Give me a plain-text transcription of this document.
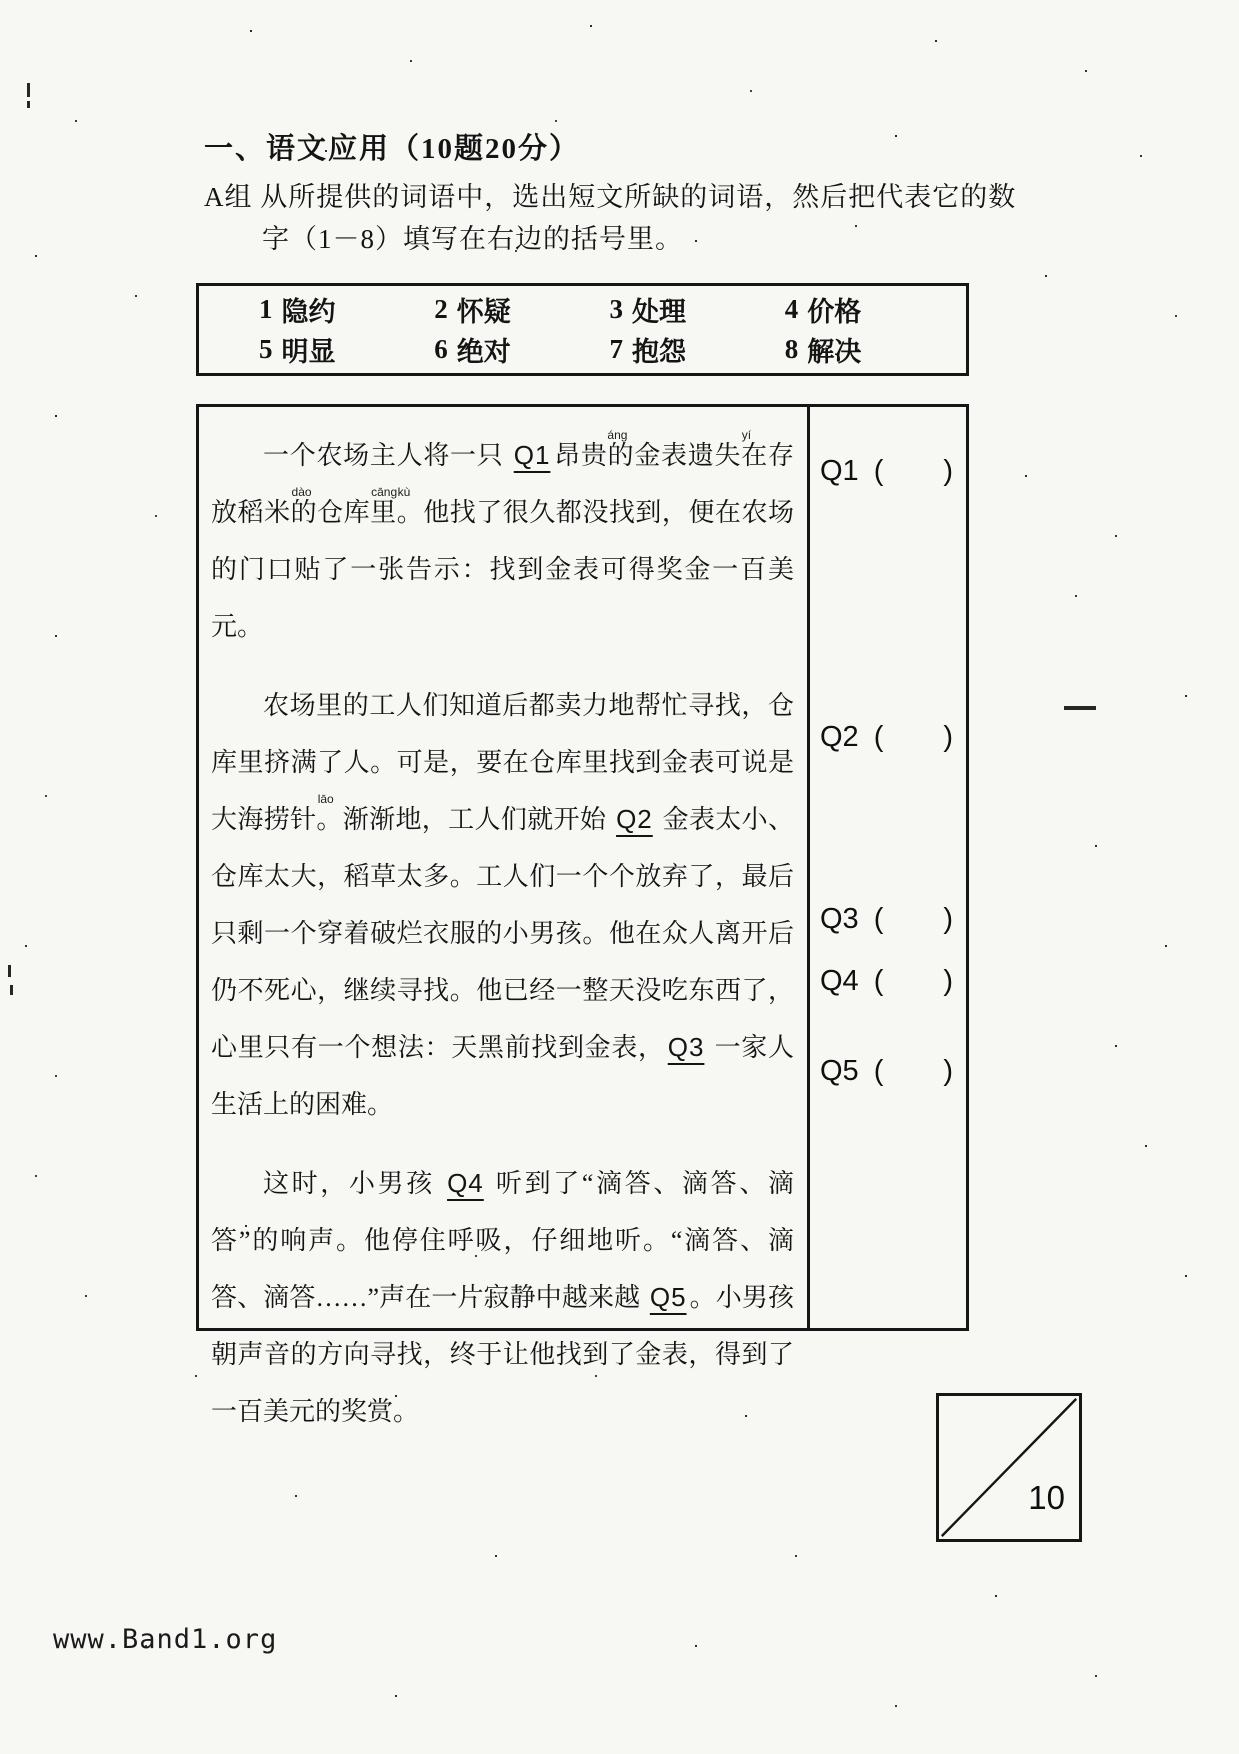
一、语文应用（10题20分）
A组 从所提供的词语中，选出短文所缺的词语，然后把代表它的数
字（1－8）填写在右边的括号里。
1 隐约	2 怀疑	3 处理	4 价格
5 明显	6 绝对	7 抱怨	8 解决

一个农场主人将一只 Q1 昂
áng
贵的金表遗
yí
失在存放稻
dào
米的仓
cāng
库
kù
里。他找了很久都没找到，便在农场的门口贴了一张告示：找到金表可得奖金一百美元。

农场里的工人们知道后都卖力地帮忙寻找，仓库里挤满了人。可是，要在仓库里找到金表可说是大海捞
lāo
针。渐渐地，工人们就开始 Q2 金表太小、仓库太大，稻草太多。工人们一个个放弃了，最后只剩一个穿着破烂衣服的小男孩。他在众人离开后仍不死心，继续寻找。他已经一整天没吃东西了，心里只有一个想法：天黑前找到金表， Q3 一家人生活上的困难。

这时，小男孩 Q4 听到了“滴答、滴答、滴答”的响声。他停住呼吸，仔细地听。“滴答、滴答、滴答……”声在一片寂静中越来越 Q5 。小男孩朝声音的方向寻找，终于让他找到了金表，得到了一百美元的奖赏。

Q1 ( )
Q2 ( )
Q3 ( )
Q4 ( )
Q5 ( )
10
www.Band1.org
